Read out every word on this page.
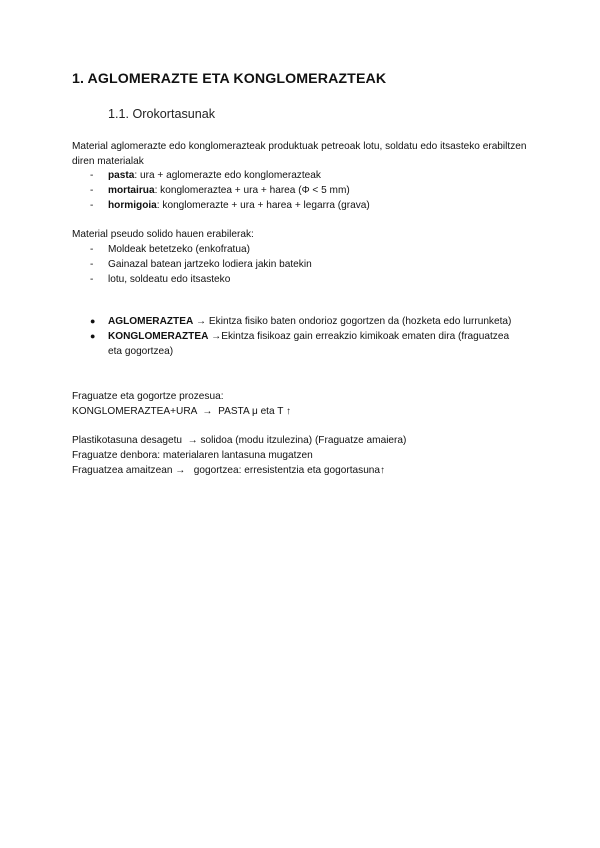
1. AGLOMERAZTE ETA KONGLOMERAZTEAK
1.1. Orokortasunak
Material aglomerazte edo konglomerazteak produktuak petreoak lotu, soldatu edo itsasteko erabiltzen diren materialak
- pasta: ura + aglomerazte edo konglomerazteak
- mortairua: konglomeraztea + ura + harea (Φ < 5 mm)
- hormigoia: konglomerazte + ura + harea + legarra (grava)
Material pseudo solido hauen erabilerak:
- Moldeak betetzeko (enkofratua)
- Gainazal batean jartzeko lodiera jakin batekin
- lotu, soldeatu edo itsasteko
● AGLOMERAZTEA → Ekintza fisiko baten ondorioz gogortzen da (hozketa edo lurrunketa)
● KONGLOMERAZTEA →Ekintza fisikoaz gain erreakzio kimikoak ematen dira (fraguatzea eta gogortzea)
Fraguatze eta gogortze prozesua:
KONGLOMERAZTEA+URA  →  PASTA μ eta T ↑
Plastikotasuna desagetu  → solidoa (modu itzulezina) (Fraguatze amaiera)
Fraguatze denbora: materialaren lantasuna mugatzen
Fraguatzea amaitzean →   gogortzea: erresistentzia eta gogortasuna↑
